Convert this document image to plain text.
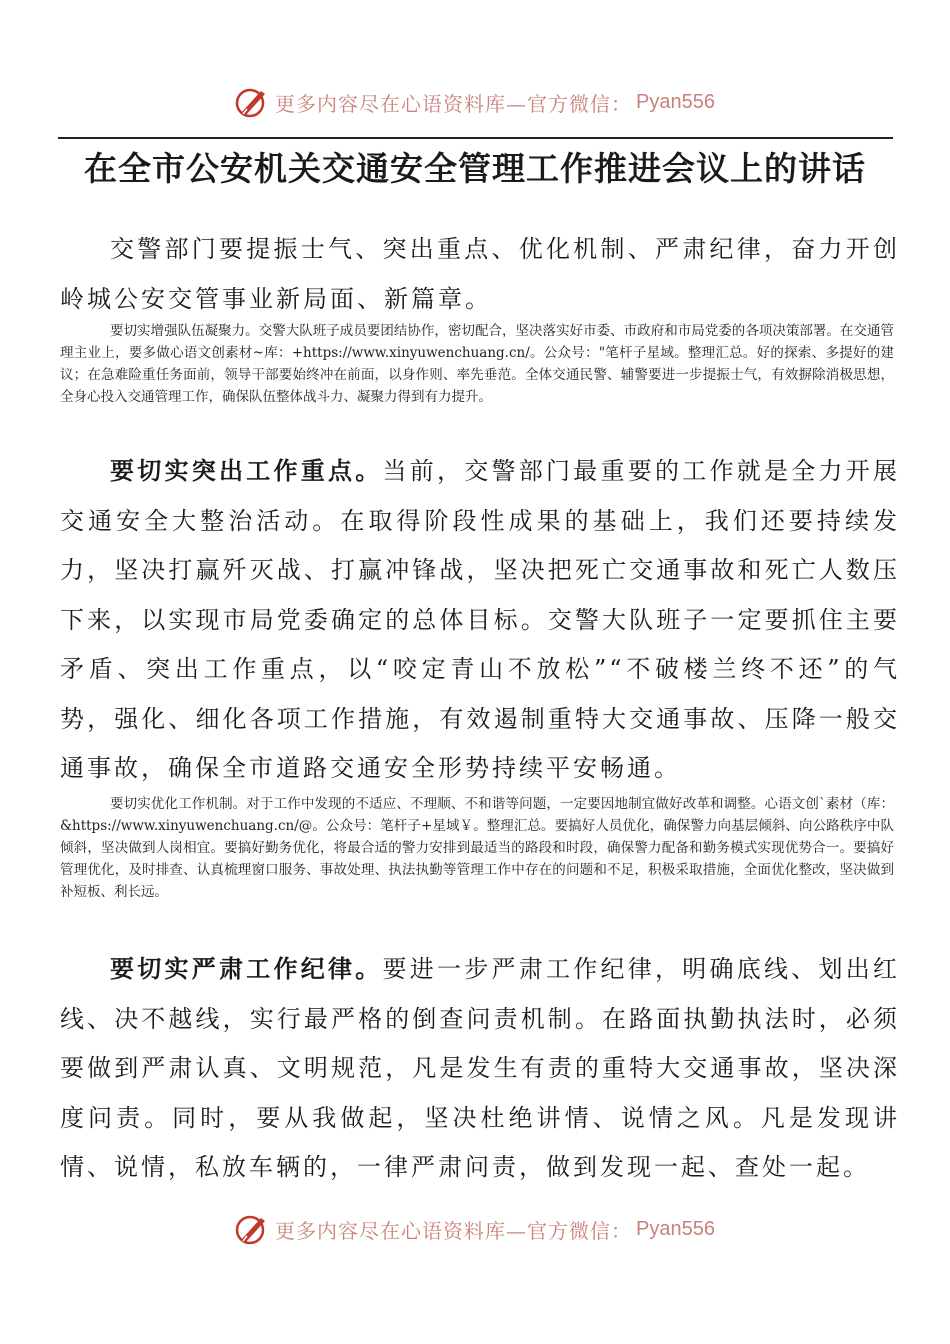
更多内容尽在心语资料库—官方微信： Pyan556
在全市公安机关交通安全管理工作推进会议上的讲话
交警部门要提振士气、突出重点、优化机制、严肃纪律，奋力开创岭城公安交管事业新局面、新篇章。
要切实增强队伍凝聚力。交警大队班子成员要团结协作，密切配合，坚决落实好市委、市政府和市局党委的各项决策部署。在交通管理主业上，要多做心语文创素材~库：+https://www.xinyuwenchuang.cn/。公众号："笔杆子星域。整理汇总。好的探索、多提好的建议；在急难险重任务面前，领导干部要始终冲在前面，以身作则、率先垂范。全体交通民警、辅警要进一步提振士气，有效摒除消极思想，全身心投入交通管理工作，确保队伍整体战斗力、凝聚力得到有力提升。
要切实突出工作重点。当前，交警部门最重要的工作就是全力开展交通安全大整治活动。在取得阶段性成果的基础上，我们还要持续发力，坚决打赢歼灭战、打赢冲锋战，坚决把死亡交通事故和死亡人数压下来，以实现市局党委确定的总体目标。交警大队班子一定要抓住主要矛盾、突出工作重点，以“咬定青山不放松”“不破楼兰终不还”的气势，强化、细化各项工作措施，有效遏制重特大交通事故、压降一般交通事故，确保全市道路交通安全形势持续平安畅通。
要切实优化工作机制。对于工作中发现的不适应、不理顺、不和谐等问题，一定要因地制宜做好改革和调整。心语文创`素材（库：&https://www.xinyuwenchuang.cn/@。公众号：笔杆子+星域￥。整理汇总。要搞好人员优化，确保警力向基层倾斜、向公路秩序中队倾斜，坚决做到人岗相宜。要搞好勤务优化，将最合适的警力安排到最适当的路段和时段，确保警力配备和勤务模式实现优势合一。要搞好管理优化，及时排查、认真梳理窗口服务、事故处理、执法执勤等管理工作中存在的问题和不足，积极采取措施，全面优化整改，坚决做到补短板、利长远。
要切实严肃工作纪律。要进一步严肃工作纪律，明确底线、划出红线、决不越线，实行最严格的倒查问责机制。在路面执勤执法时，必须要做到严肃认真、文明规范，凡是发生有责的重特大交通事故，坚决深度问责。同时，要从我做起，坚决杜绝讲情、说情之风。凡是发现讲情、说情，私放车辆的，一律严肃问责，做到发现一起、查处一起。
更多内容尽在心语资料库—官方微信： Pyan556
